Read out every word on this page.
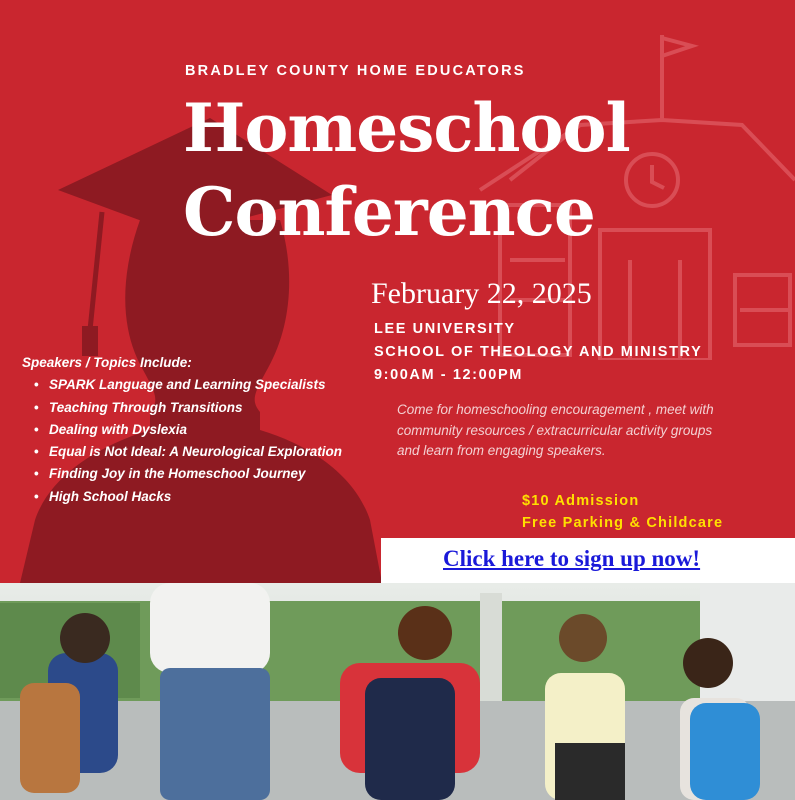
BRADLEY COUNTY HOME EDUCATORS
Homeschool
Conference
February 22, 2025
LEE UNIVERSITY
SCHOOL OF THEOLOGY AND MINISTRY
9:00AM - 12:00PM
Come for homeschooling encouragement , meet with community resources / extracurricular activity groups and learn from engaging speakers.
$10 Admission
Free Parking & Childcare
Speakers / Topics Include:
• SPARK Language and Learning Specialists
• Teaching Through Transitions
• Dealing with Dyslexia
• Equal is Not Ideal: A Neurological Exploration
• Finding Joy in the Homeschool Journey
• High School Hacks
Click here to sign up now!
